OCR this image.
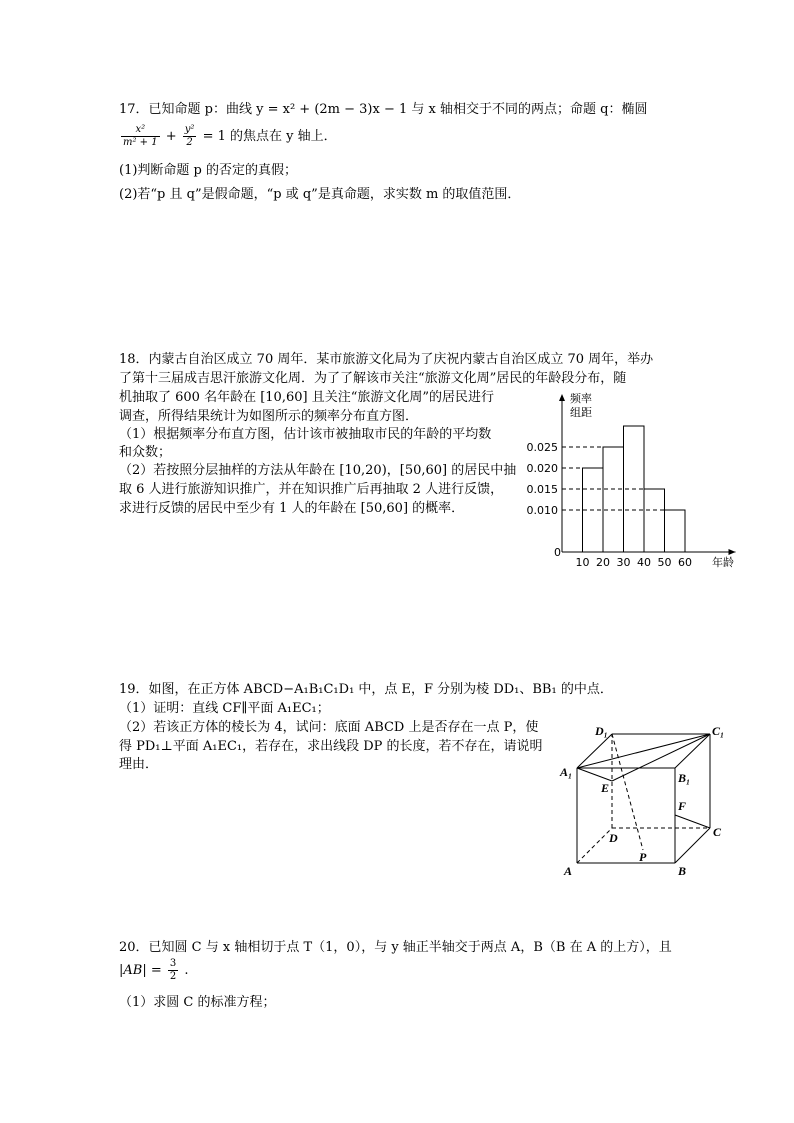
17．已知命题 p：曲线 y = x² + (2m − 3)x − 1 与 x 轴相交于不同的两点；命题 q：椭圆
$\frac{\text{x²}}{\text{m² + 1}} + \frac{\text{y²}}{2} = 1$ 的焦点在 y 轴上．
(1)判断命题 p 的否定的真假；
(2)若“p 且 q”是假命题，“p 或 q”是真命题，求实数 m 的取值范围．
18．内蒙古自治区成立 70 周年．某市旅游文化局为了庆祝内蒙古自治区成立 70 周年，举办
了第十三届成吉思汗旅游文化周．为了了解该市关注“旅游文化周”居民的年龄段分布，随
机抽取了 600 名年龄在 [10,60] 且关注“旅游文化周”的居民进行
调查，所得结果统计为如图所示的频率分布直方图．
（1）根据频率分布直方图，估计该市被抽取市民的年龄的平均数
和众数；
（2）若按照分层抽样的方法从年龄在 [10,20)，[50,60] 的居民中抽
取 6 人进行旅游知识推广，并在知识推广后再抽取 2 人进行反馈，
求进行反馈的居民中至少有 1 人的年龄在 [50,60] 的概率．
0.025
0.020
0.015
0.010
10 20 30 40 50 60
频率
组距
0
年龄
19．如图，在正方体 ABCD−A₁B₁C₁D₁ 中，点 E，F 分别为棱 DD₁、BB₁ 的中点．
（1）证明：直线 CF∥平面 A₁EC₁；
（2）若该正方体的棱长为 4，试问：底面 ABCD 上是否存在一点 P，使
得 PD₁⊥平面 A₁EC₁，若存在，求出线段 DP 的长度，若不存在，请说明
理由．
A	B
C
D
A₁	B₁
C₁
D₁
E
F
P
20．已知圆 C 与 x 轴相切于点 T（1，0），与 y 轴正半轴交于两点 A，B（B 在 A 的上方），且
$|AB| = \frac{3}{2}$ .
（1）求圆 C 的标准方程；
